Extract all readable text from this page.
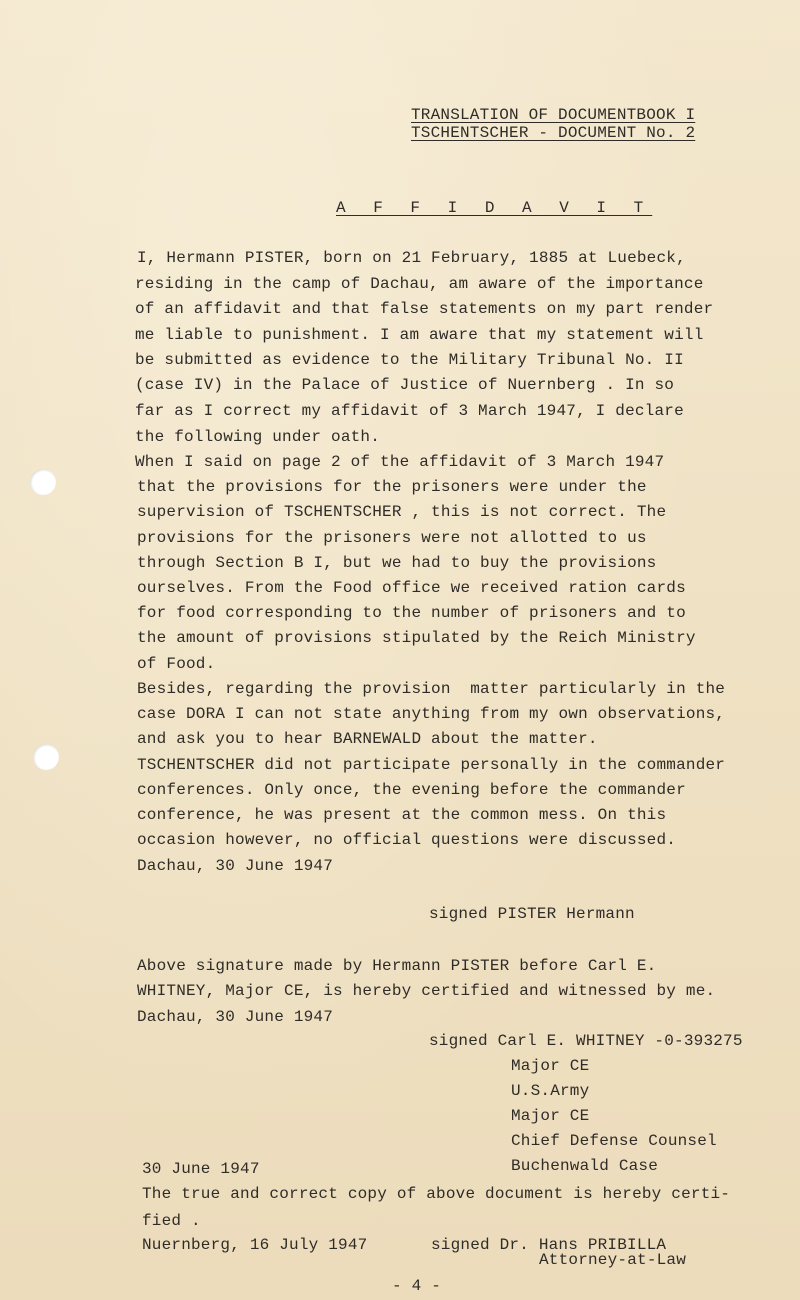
TRANSLATION OF DOCUMENTBOOK I
TSCHENTSCHER - DOCUMENT No. 2
A F F I D A V I T
I, Hermann PISTER, born on 21 February, 1885 at Luebeck,
residing in the camp of Dachau, am aware of the importance
of an affidavit and that false statements on my part render
me liable to punishment. I am aware that my statement will
be submitted as evidence to the Military Tribunal No. II
(case IV) in the Palace of Justice of Nuernberg . In so
far as I correct my affidavit of 3 March 1947, I declare
the following under oath.
When I said on page 2 of the affidavit of 3 March 1947
that the provisions for the prisoners were under the
supervision of TSCHENTSCHER , this is not correct. The
provisions for the prisoners were not allotted to us
through Section B I, but we had to buy the provisions
ourselves. From the Food office we received ration cards
for food corresponding to the number of prisoners and to
the amount of provisions stipulated by the Reich Ministry
of Food.
Besides, regarding the provision  matter particularly in the
case DORA I can not state anything from my own observations,
and ask you to hear BARNEWALD about the matter.
TSCHENTSCHER did not participate personally in the commander
conferences. Only once, the evening before the commander
conference, he was present at the common mess. On this
occasion however, no official questions were discussed.
Dachau, 30 June 1947
signed PISTER Hermann
Above signature made by Hermann PISTER before Carl E.
WHITNEY, Major CE, is hereby certified and witnessed by me.
Dachau, 30 June 1947
signed Carl E. WHITNEY -0-393275
Major CE
U.S.Army
Major CE
Chief Defense Counsel
Buchenwald Case
30 June 1947
The true and correct copy of above document is hereby certi-
fied .
Nuernberg, 16 July 1947	signed Dr. Hans PRIBILLA
Attorney-at-Law
- 4 -
